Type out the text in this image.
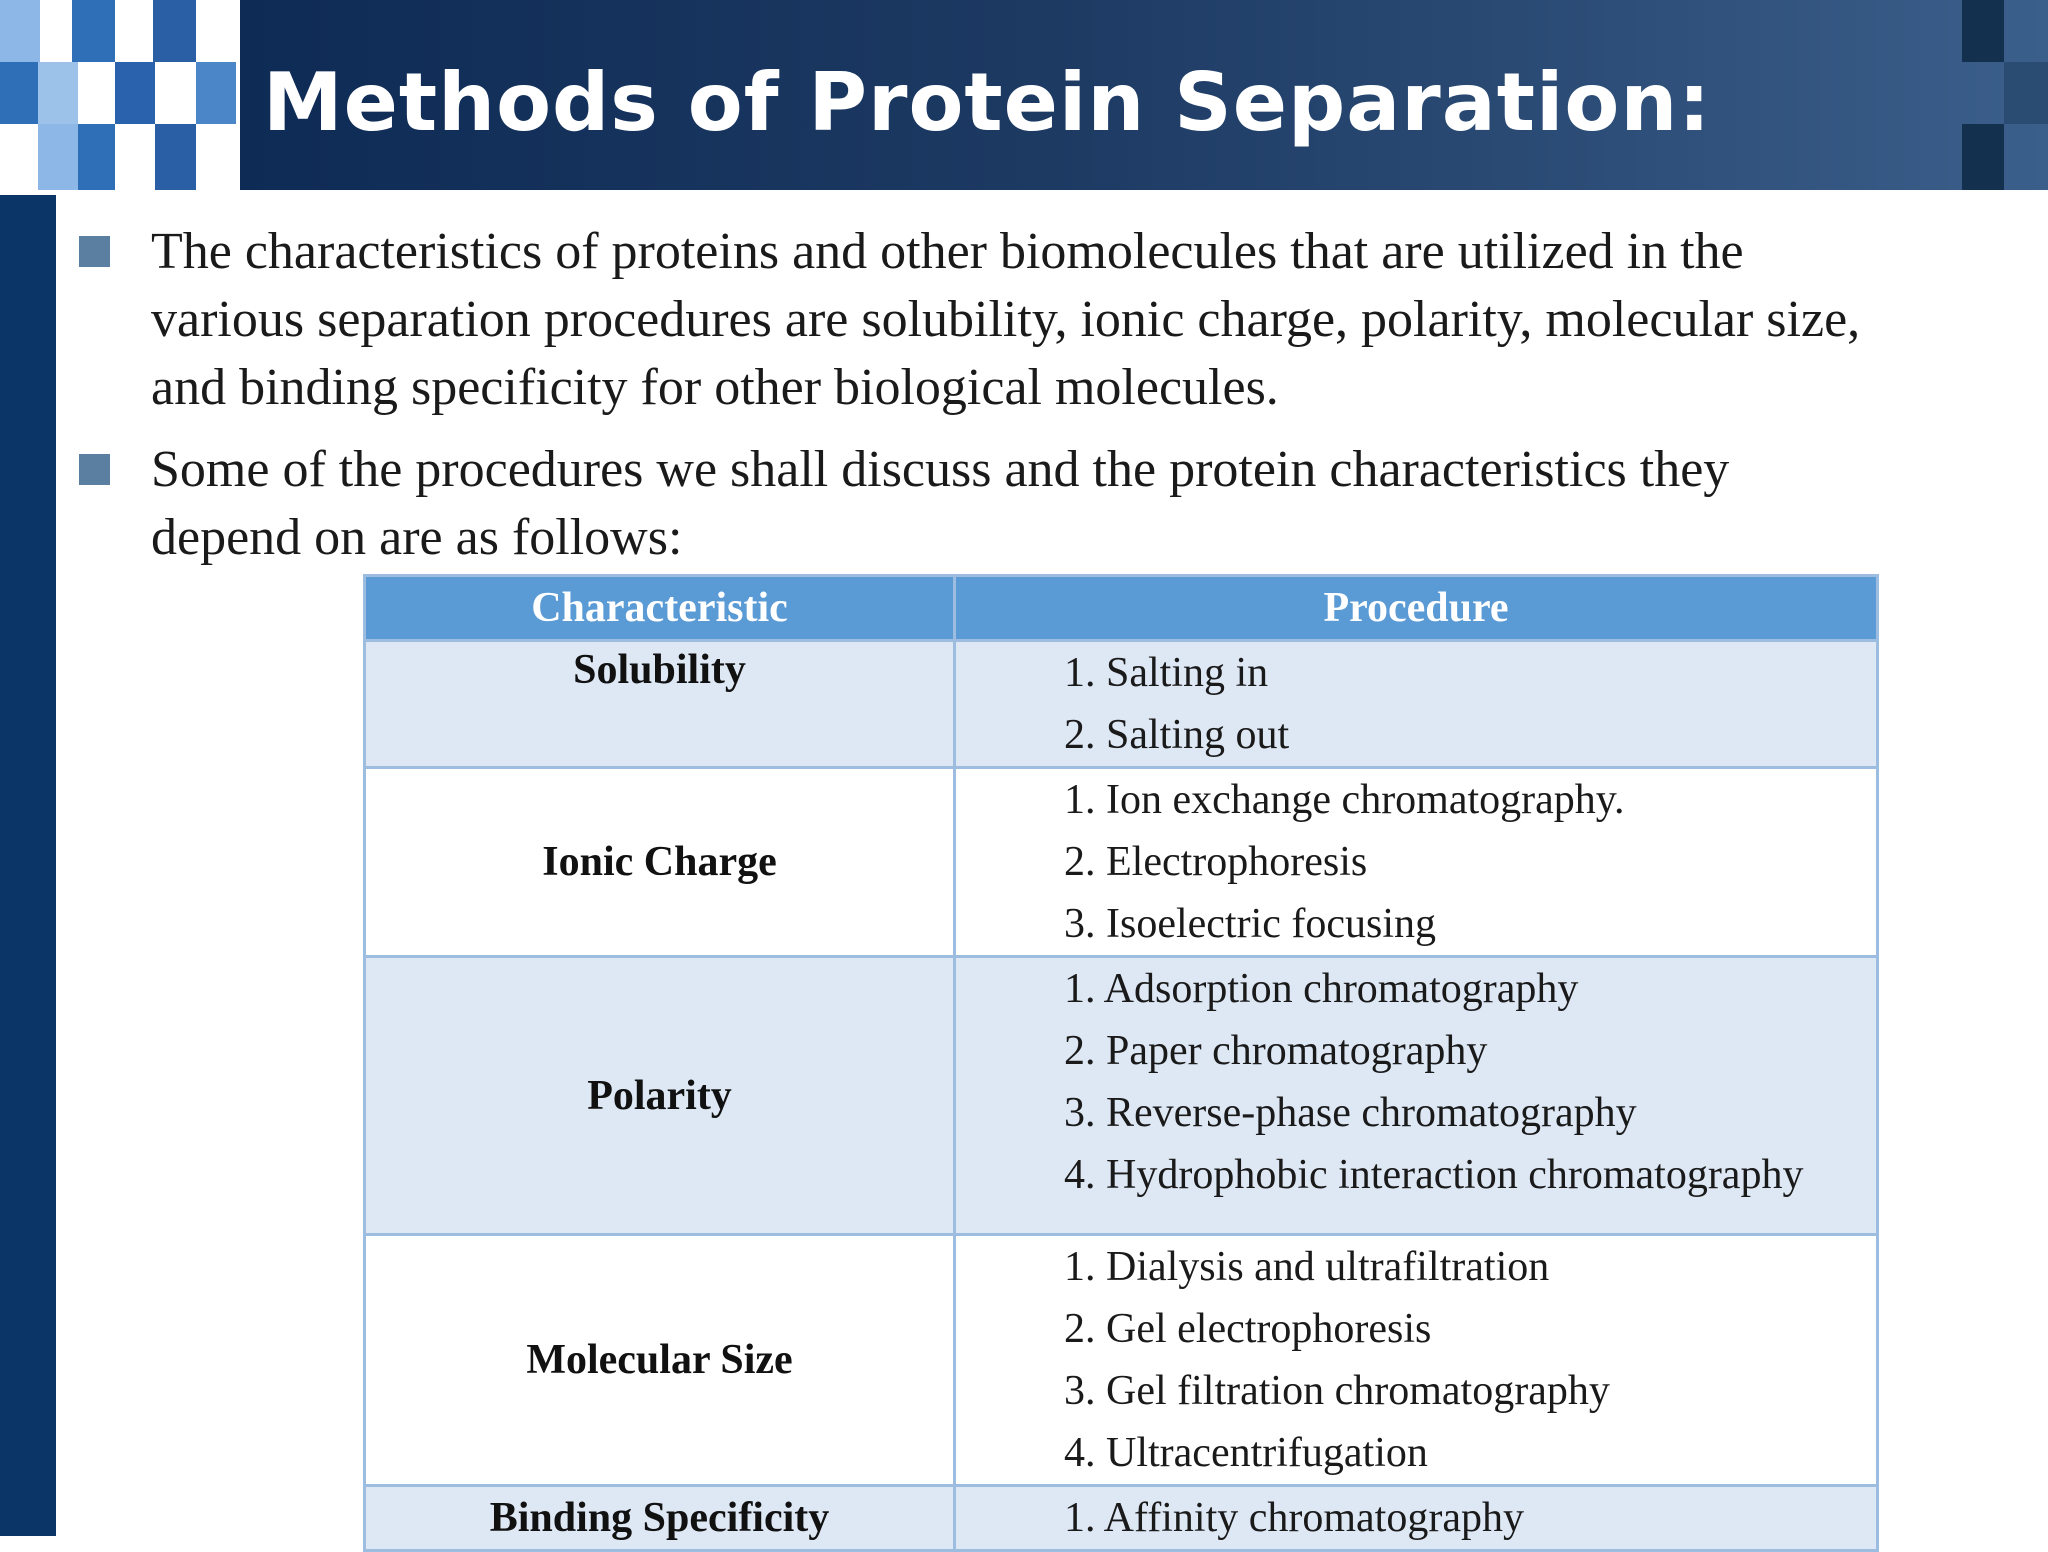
Methods of Protein Separation:
The characteristics of proteins and other biomolecules that are utilized in the
various separation procedures are solubility, ionic charge, polarity, molecular size,
and binding specificity for other biological molecules.
Some of the procedures we shall discuss and the protein characteristics they
depend on are as follows:
Characteristic	Procedure
Solubility	1. Salting in
2. Salting out

Ionic Charge	1. Ion exchange chromatography.
2. Electrophoresis
3. Isoelectric focusing

Polarity	1. Adsorption chromatography
2. Paper chromatography
3. Reverse-phase chromatography
4. Hydrophobic interaction chromatography

Molecular Size	1. Dialysis and ultrafiltration
2. Gel electrophoresis
3. Gel filtration chromatography
4. Ultracentrifugation

Binding Specificity	1. Affinity chromatography
